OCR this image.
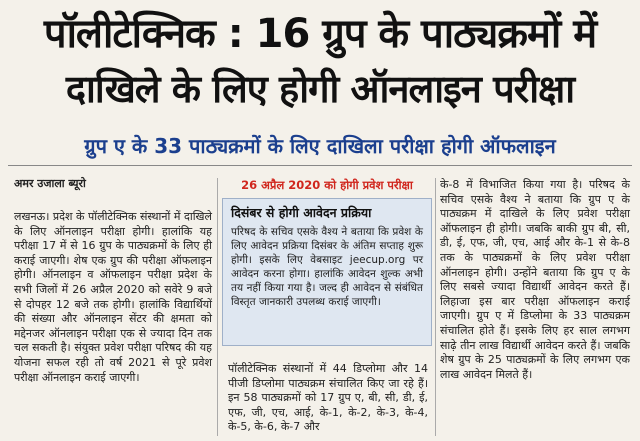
पॉलीटेक्निक : 16 ग्रुप के पाठ्यक्रमों में
दाखिले के लिए होगी ऑनलाइन परीक्षा
ग्रुप ए के 33 पाठ्यक्रमों के लिए दाखिला परीक्षा होगी ऑफलाइन
अमर उजाला ब्यूरो
लखनऊ। प्रदेश के पॉलीटेक्निक संस्थानों में दाखिले के लिए ऑनलाइन परीक्षा होगी। हालांकि यह परीक्षा 17 में से 16 ग्रुप के पाठ्यक्रमों के लिए ही कराई जाएगी। शेष एक ग्रुप की परीक्षा ऑफलाइन होगी। ऑनलाइन व ऑफलाइन परीक्षा प्रदेश के सभी जिलों में 26 अप्रैल 2020 को सवेरे 9 बजे से दोपहर 12 बजे तक होगी। हालांकि विद्यार्थियों की संख्या और ऑनलाइन सेंटर की क्षमता को मद्देनजर ऑनलाइन परीक्षा एक से ज्यादा दिन तक चल सकती है। संयुक्त प्रवेश परीक्षा परिषद की यह योजना सफल रही तो वर्ष 2021 से पूरे प्रवेश परीक्षा ऑनलाइन कराई जाएगी।
26 अप्रैल 2020 को होगी प्रवेश परीक्षा
दिसंबर से होगी आवेदन प्रक्रिया
परिषद के सचिव एसके वैश्य ने बताया कि प्रवेश के लिए आवेदन प्रक्रिया दिसंबर के अंतिम सप्ताह शुरू होगी। इसके लिए वेबसाइट jeecup.org पर आवेदन करना होगा। हालांकि आवेदन शुल्क अभी तय नहीं किया गया है। जल्द ही आवेदन से संबंधित विस्तृत जानकारी उपलब्ध कराई जाएगी।
पॉलीटेक्निक संस्थानों में 44 डिप्लोमा और 14 पीजी डिप्लोमा पाठ्यक्रम संचालित किए जा रहे हैं। इन 58 पाठ्यक्रमों को 17 ग्रुप ए, बी, सी, डी, ई, एफ, जी, एच, आई, के-1, के-2, के-3, के-4, के-5, के-6, के-7 और
के-8 में विभाजित किया गया है। परिषद के सचिव एसके वैश्य ने बताया कि ग्रुप ए के पाठ्यक्रम में दाखिले के लिए प्रवेश परीक्षा ऑफलाइन ही होगी। जबकि बाकी ग्रुप बी, सी, डी, ई, एफ, जी, एच, आई और के-1 से के-8 तक के पाठ्यक्रमों के लिए प्रवेश परीक्षा ऑनलाइन होगी। उन्होंने बताया कि ग्रुप ए के लिए सबसे ज्यादा विद्यार्थी आवेदन करते हैं। लिहाजा इस बार परीक्षा ऑफलाइन कराई जाएगी। ग्रुप ए में डिप्लोमा के 33 पाठ्यक्रम संचालित होते हैं। इसके लिए हर साल लगभग साढ़े तीन लाख विद्यार्थी आवेदन करते हैं। जबकि शेष ग्रुप के 25 पाठ्यक्रमों के लिए लगभग एक लाख आवेदन मिलते हैं।
